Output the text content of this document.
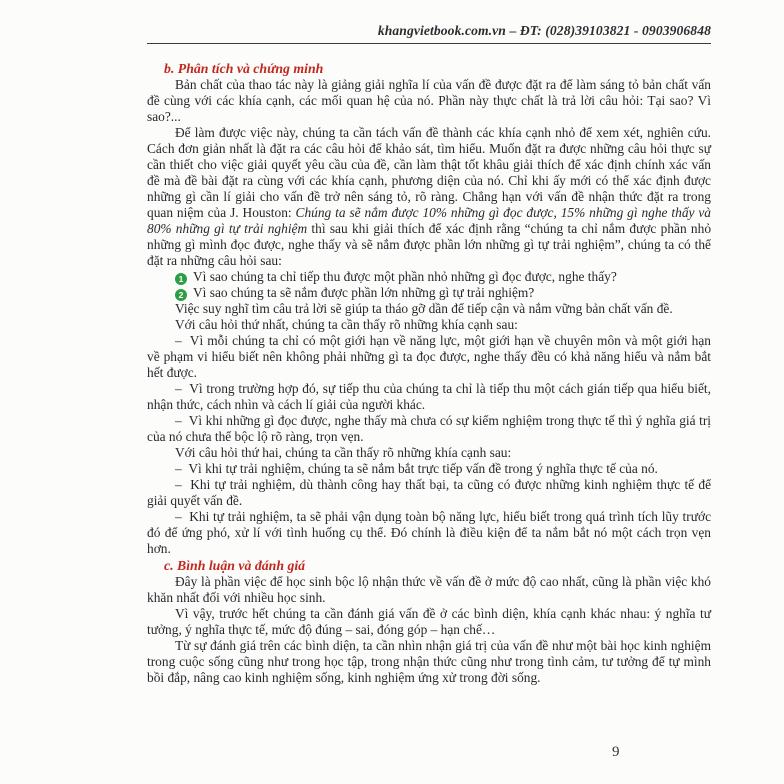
khangvietbook.com.vn – ĐT: (028)39103821 - 0903906848
b. Phân tích và chứng minh

Bản chất của thao tác này là giảng giải nghĩa lí của vấn đề được đặt ra để làm sáng tỏ bản chất vấn đề cùng với các khía cạnh, các mối quan hệ của nó. Phần này thực chất là trả lời câu hỏi: Tại sao? Vì sao?...

Để làm được việc này, chúng ta cần tách vấn đề thành các khía cạnh nhỏ để xem xét, nghiên cứu. Cách đơn giản nhất là đặt ra các câu hỏi để khảo sát, tìm hiểu. Muốn đặt ra được những câu hỏi thực sự cần thiết cho việc giải quyết yêu cầu của đề, cần làm thật tốt khâu giải thích để xác định chính xác vấn đề mà đề bài đặt ra cùng với các khía cạnh, phương diện của nó. Chỉ khi ấy mới có thể xác định được những gì cần lí giải cho vấn đề trở nên sáng tỏ, rõ ràng. Chẳng hạn với vấn đề nhận thức đặt ra trong quan niệm của J. Houston: Chúng ta sẽ nắm được 10% những gì đọc được, 15% những gì nghe thấy và 80% những gì tự trải nghiệm thì sau khi giải thích để xác định rằng “chúng ta chỉ nắm được phần nhỏ những gì mình đọc được, nghe thấy và sẽ nắm được phần lớn những gì tự trải nghiệm”, chúng ta có thể đặt ra những câu hỏi sau:

1 Vì sao chúng ta chỉ tiếp thu được một phần nhỏ những gì đọc được, nghe thấy?

2 Vì sao chúng ta sẽ nắm được phần lớn những gì tự trải nghiệm?

Việc suy nghĩ tìm câu trả lời sẽ giúp ta tháo gỡ dần để tiếp cận và nắm vững bản chất vấn đề.

Với câu hỏi thứ nhất, chúng ta cần thấy rõ những khía cạnh sau:

–  Vì mỗi chúng ta chỉ có một giới hạn về năng lực, một giới hạn về chuyên môn và một giới hạn về phạm vi hiểu biết nên không phải những gì ta đọc được, nghe thấy đều có khả năng hiểu và nắm bắt hết được.

–  Vì trong trường hợp đó, sự tiếp thu của chúng ta chỉ là tiếp thu một cách gián tiếp qua hiểu biết, nhận thức, cách nhìn và cách lí giải của người khác.

–  Vì khi những gì đọc được, nghe thấy mà chưa có sự kiểm nghiệm trong thực tế thì ý nghĩa giá trị của nó chưa thể bộc lộ rõ ràng, trọn vẹn.

Với câu hỏi thứ hai, chúng ta cần thấy rõ những khía cạnh sau:

–  Vì khi tự trải nghiệm, chúng ta sẽ nắm bắt trực tiếp vấn đề trong ý nghĩa thực tế của nó.

–  Khi tự trải nghiệm, dù thành công hay thất bại, ta cũng có được những kinh nghiệm thực tế để giải quyết vấn đề.

–  Khi tự trải nghiệm, ta sẽ phải vận dụng toàn bộ năng lực, hiểu biết trong quá trình tích lũy trước đó để ứng phó, xử lí với tình huống cụ thể. Đó chính là điều kiện để ta nắm bắt nó một cách trọn vẹn hơn.

c. Bình luận và đánh giá

Đây là phần việc để học sinh bộc lộ nhận thức về vấn đề ở mức độ cao nhất, cũng là phần việc khó khăn nhất đối với nhiều học sinh.

Vì vậy, trước hết chúng ta cần đánh giá vấn đề ở các bình diện, khía cạnh khác nhau: ý nghĩa tư tưởng, ý nghĩa thực tế, mức độ đúng – sai, đóng góp – hạn chế…

Từ sự đánh giá trên các bình diện, ta cần nhìn nhận giá trị của vấn đề như một bài học kinh nghiệm trong cuộc sống cũng như trong học tập, trong nhận thức cũng như trong tình cảm, tư tưởng để tự mình bồi đắp, nâng cao kinh nghiệm sống, kinh nghiệm ứng xử trong đời sống.

9
